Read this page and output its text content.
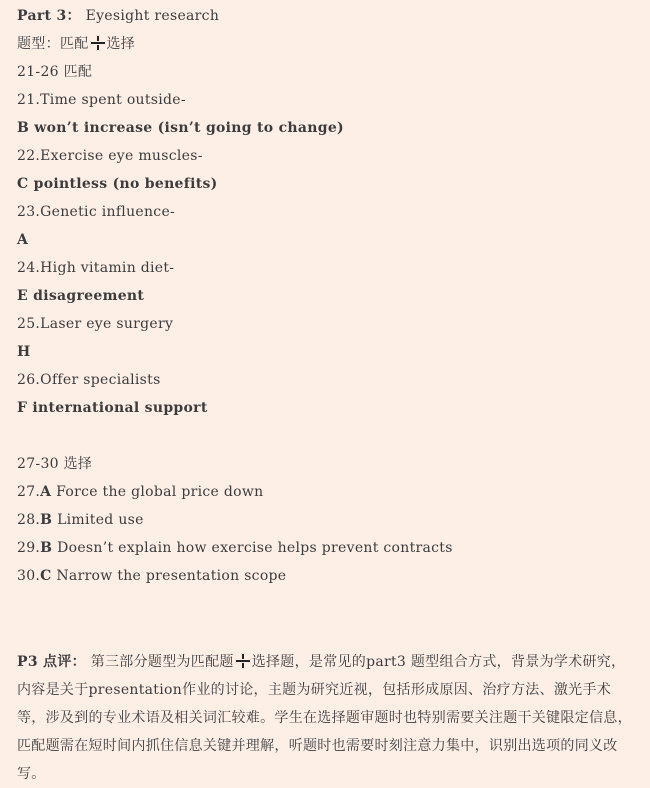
Part 3： Eyesight research
题型：匹配 选择
21-26 匹配
21.Time spent outside-
B won’t increase (isn’t going to change)
22.Exercise eye muscles-
C pointless (no benefits)
23.Genetic influence-
A
24.High vitamin diet-
E disagreement
25.Laser eye surgery
H
26.Offer specialists
F international support
27-30 选择
27.A Force the global price down
28.B Limited use
29.B Doesn’t explain how exercise helps prevent contracts
30.C Narrow the presentation scope
P3 点评： 第三部分题型为匹配题 选择题，是常见的part3 题型组合方式，背景为学术研究，内容是关于presentation作业的讨论，主题为研究近视，包括形成原因、治疗方法、激光手术等，涉及到的专业术语及相关词汇较难。学生在选择题审题时也特别需要关注题干关键限定信息，匹配题需在短时间内抓住信息关键并理解，听题时也需要时刻注意力集中，识别出选项的同义改写。
